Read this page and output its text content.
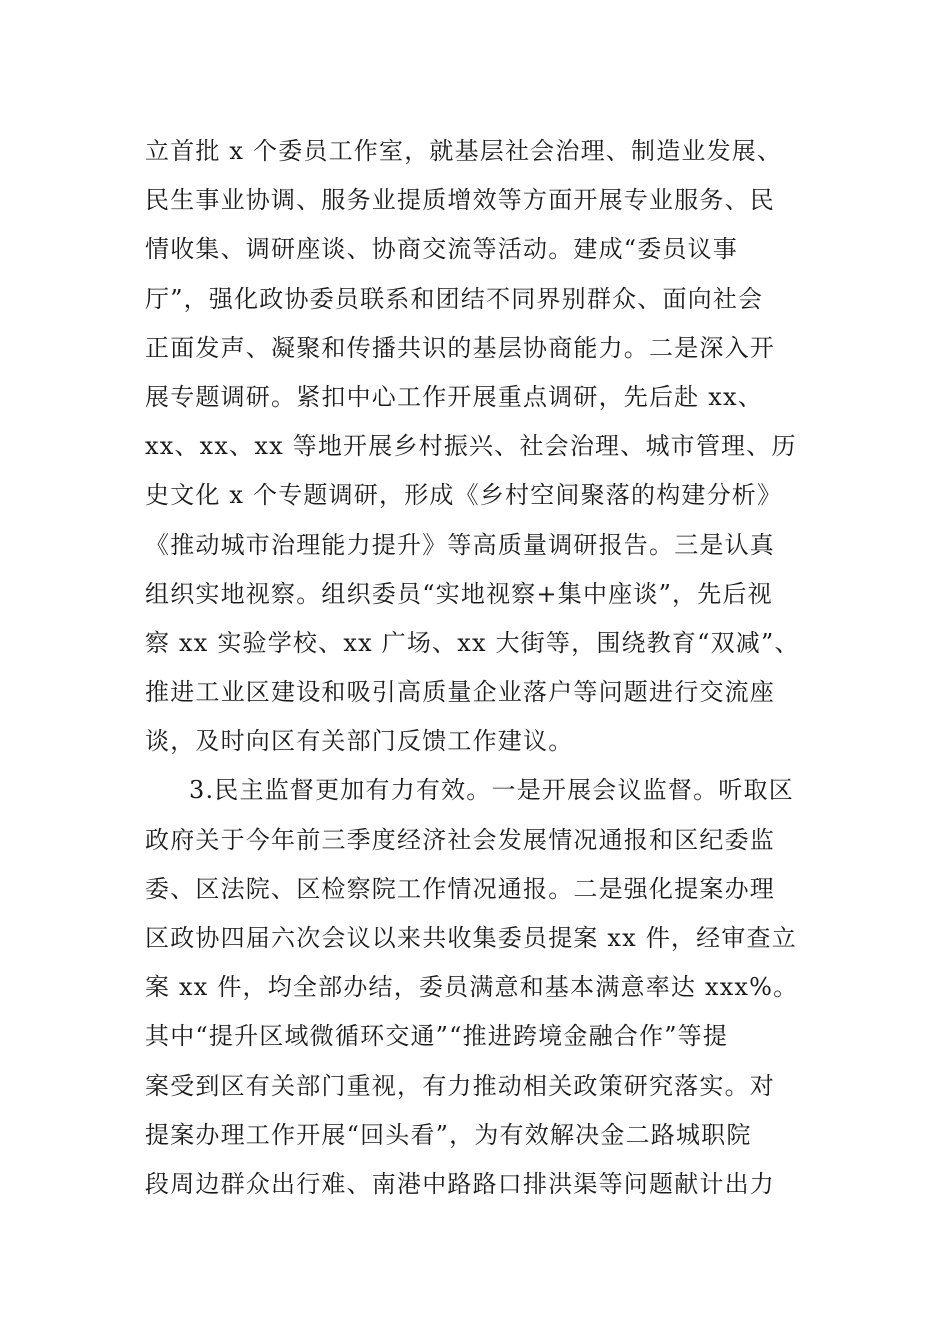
立首批 x 个委员工作室，就基层社会治理、制造业发展、
民生事业协调、服务业提质增效等方面开展专业服务、民
情收集、调研座谈、协商交流等活动。建成“委员议事
厅”，强化政协委员联系和团结不同界别群众、面向社会
正面发声、凝聚和传播共识的基层协商能力。二是深入开
展专题调研。紧扣中心工作开展重点调研，先后赴 xx、
xx、xx、xx 等地开展乡村振兴、社会治理、城市管理、历
史文化 x 个专题调研，形成《乡村空间聚落的构建分析》
《推动城市治理能力提升》等高质量调研报告。三是认真
组织实地视察。组织委员“实地视察+集中座谈”，先后视
察 xx 实验学校、xx 广场、xx 大街等，围绕教育“双减”、
推进工业区建设和吸引高质量企业落户等问题进行交流座
谈，及时向区有关部门反馈工作建议。
3.民主监督更加有力有效。一是开展会议监督。听取区
政府关于今年前三季度经济社会发展情况通报和区纪委监
委、区法院、区检察院工作情况通报。二是强化提案办理
区政协四届六次会议以来共收集委员提案 xx 件，经审查立
案 xx 件，均全部办结，委员满意和基本满意率达 xxx%。
其中“提升区域微循环交通”“推进跨境金融合作”等提
案受到区有关部门重视，有力推动相关政策研究落实。对
提案办理工作开展“回头看”，为有效解决金二路城职院
段周边群众出行难、南港中路路口排洪渠等问题献计出力
